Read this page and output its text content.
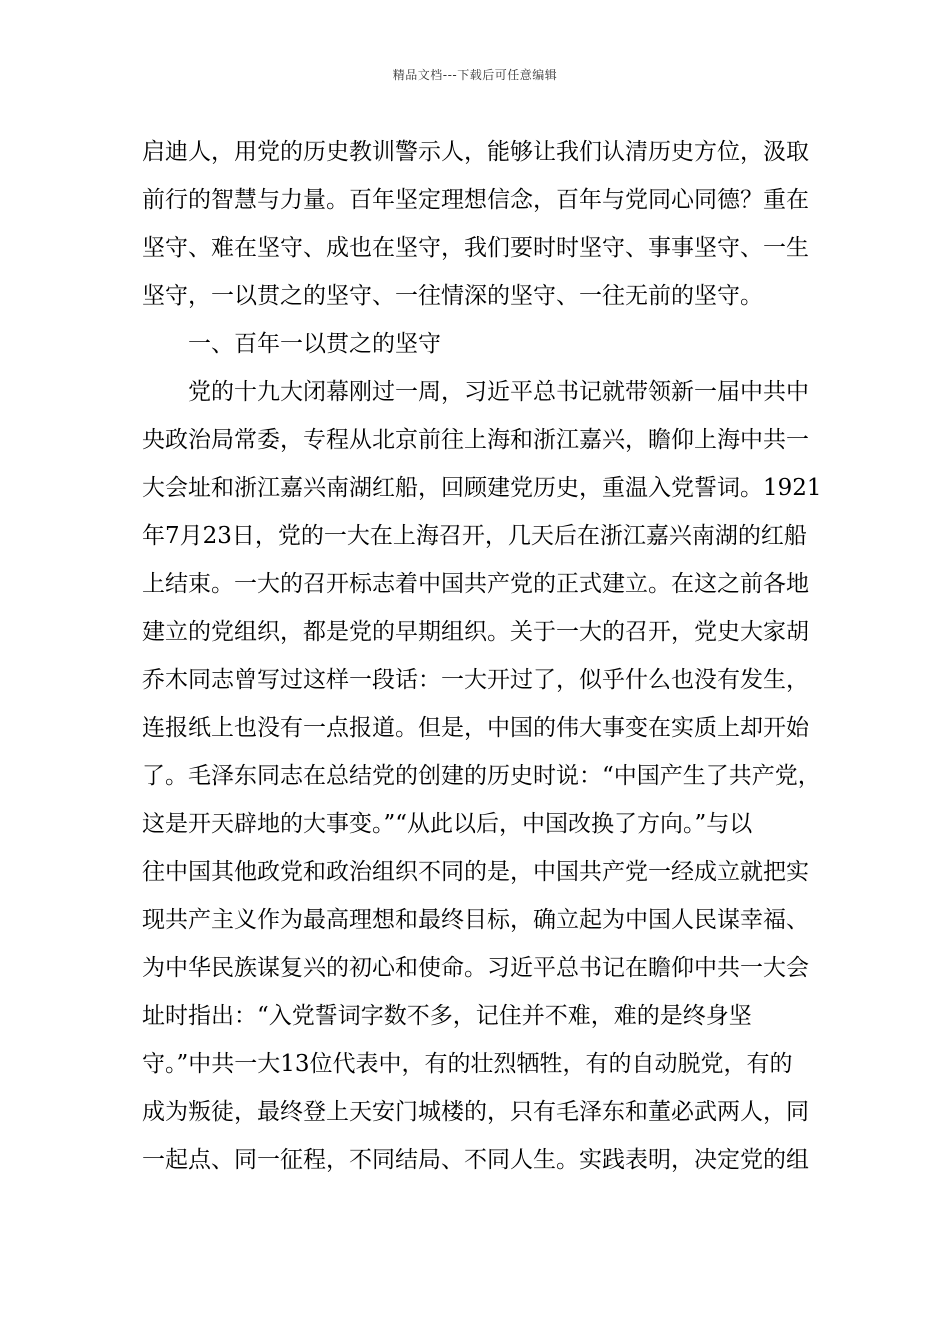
精品文档---下载后可任意编辑
启迪人，用党的历史教训警示人，能够让我们认清历史方位，汲取
前行的智慧与力量。百年坚定理想信念，百年与党同心同德？重在
坚守、难在坚守、成也在坚守，我们要时时坚守、事事坚守、一生
坚守，一以贯之的坚守、一往情深的坚守、一往无前的坚守。
一、百年一以贯之的坚守
党的十九大闭幕刚过一周，习近平总书记就带领新一届中共中
央政治局常委，专程从北京前往上海和浙江嘉兴，瞻仰上海中共一
大会址和浙江嘉兴南湖红船，回顾建党历史，重温入党誓词。1921
年7月23日，党的一大在上海召开，几天后在浙江嘉兴南湖的红船
上结束。一大的召开标志着中国共产党的正式建立。在这之前各地
建立的党组织，都是党的早期组织。关于一大的召开，党史大家胡
乔木同志曾写过这样一段话：一大开过了，似乎什么也没有发生，
连报纸上也没有一点报道。但是，中国的伟大事变在实质上却开始
了。毛泽东同志在总结党的创建的历史时说：“中国产生了共产党，
这是开天辟地的大事变。”“从此以后，中国改换了方向。”与以
往中国其他政党和政治组织不同的是，中国共产党一经成立就把实
现共产主义作为最高理想和最终目标，确立起为中国人民谋幸福、
为中华民族谋复兴的初心和使命。习近平总书记在瞻仰中共一大会
址时指出：“入党誓词字数不多，记住并不难，难的是终身坚
守。”中共一大13位代表中，有的壮烈牺牲，有的自动脱党，有的
成为叛徒，最终登上天安门城楼的，只有毛泽东和董必武两人，同
一起点、同一征程，不同结局、不同人生。实践表明，决定党的组
